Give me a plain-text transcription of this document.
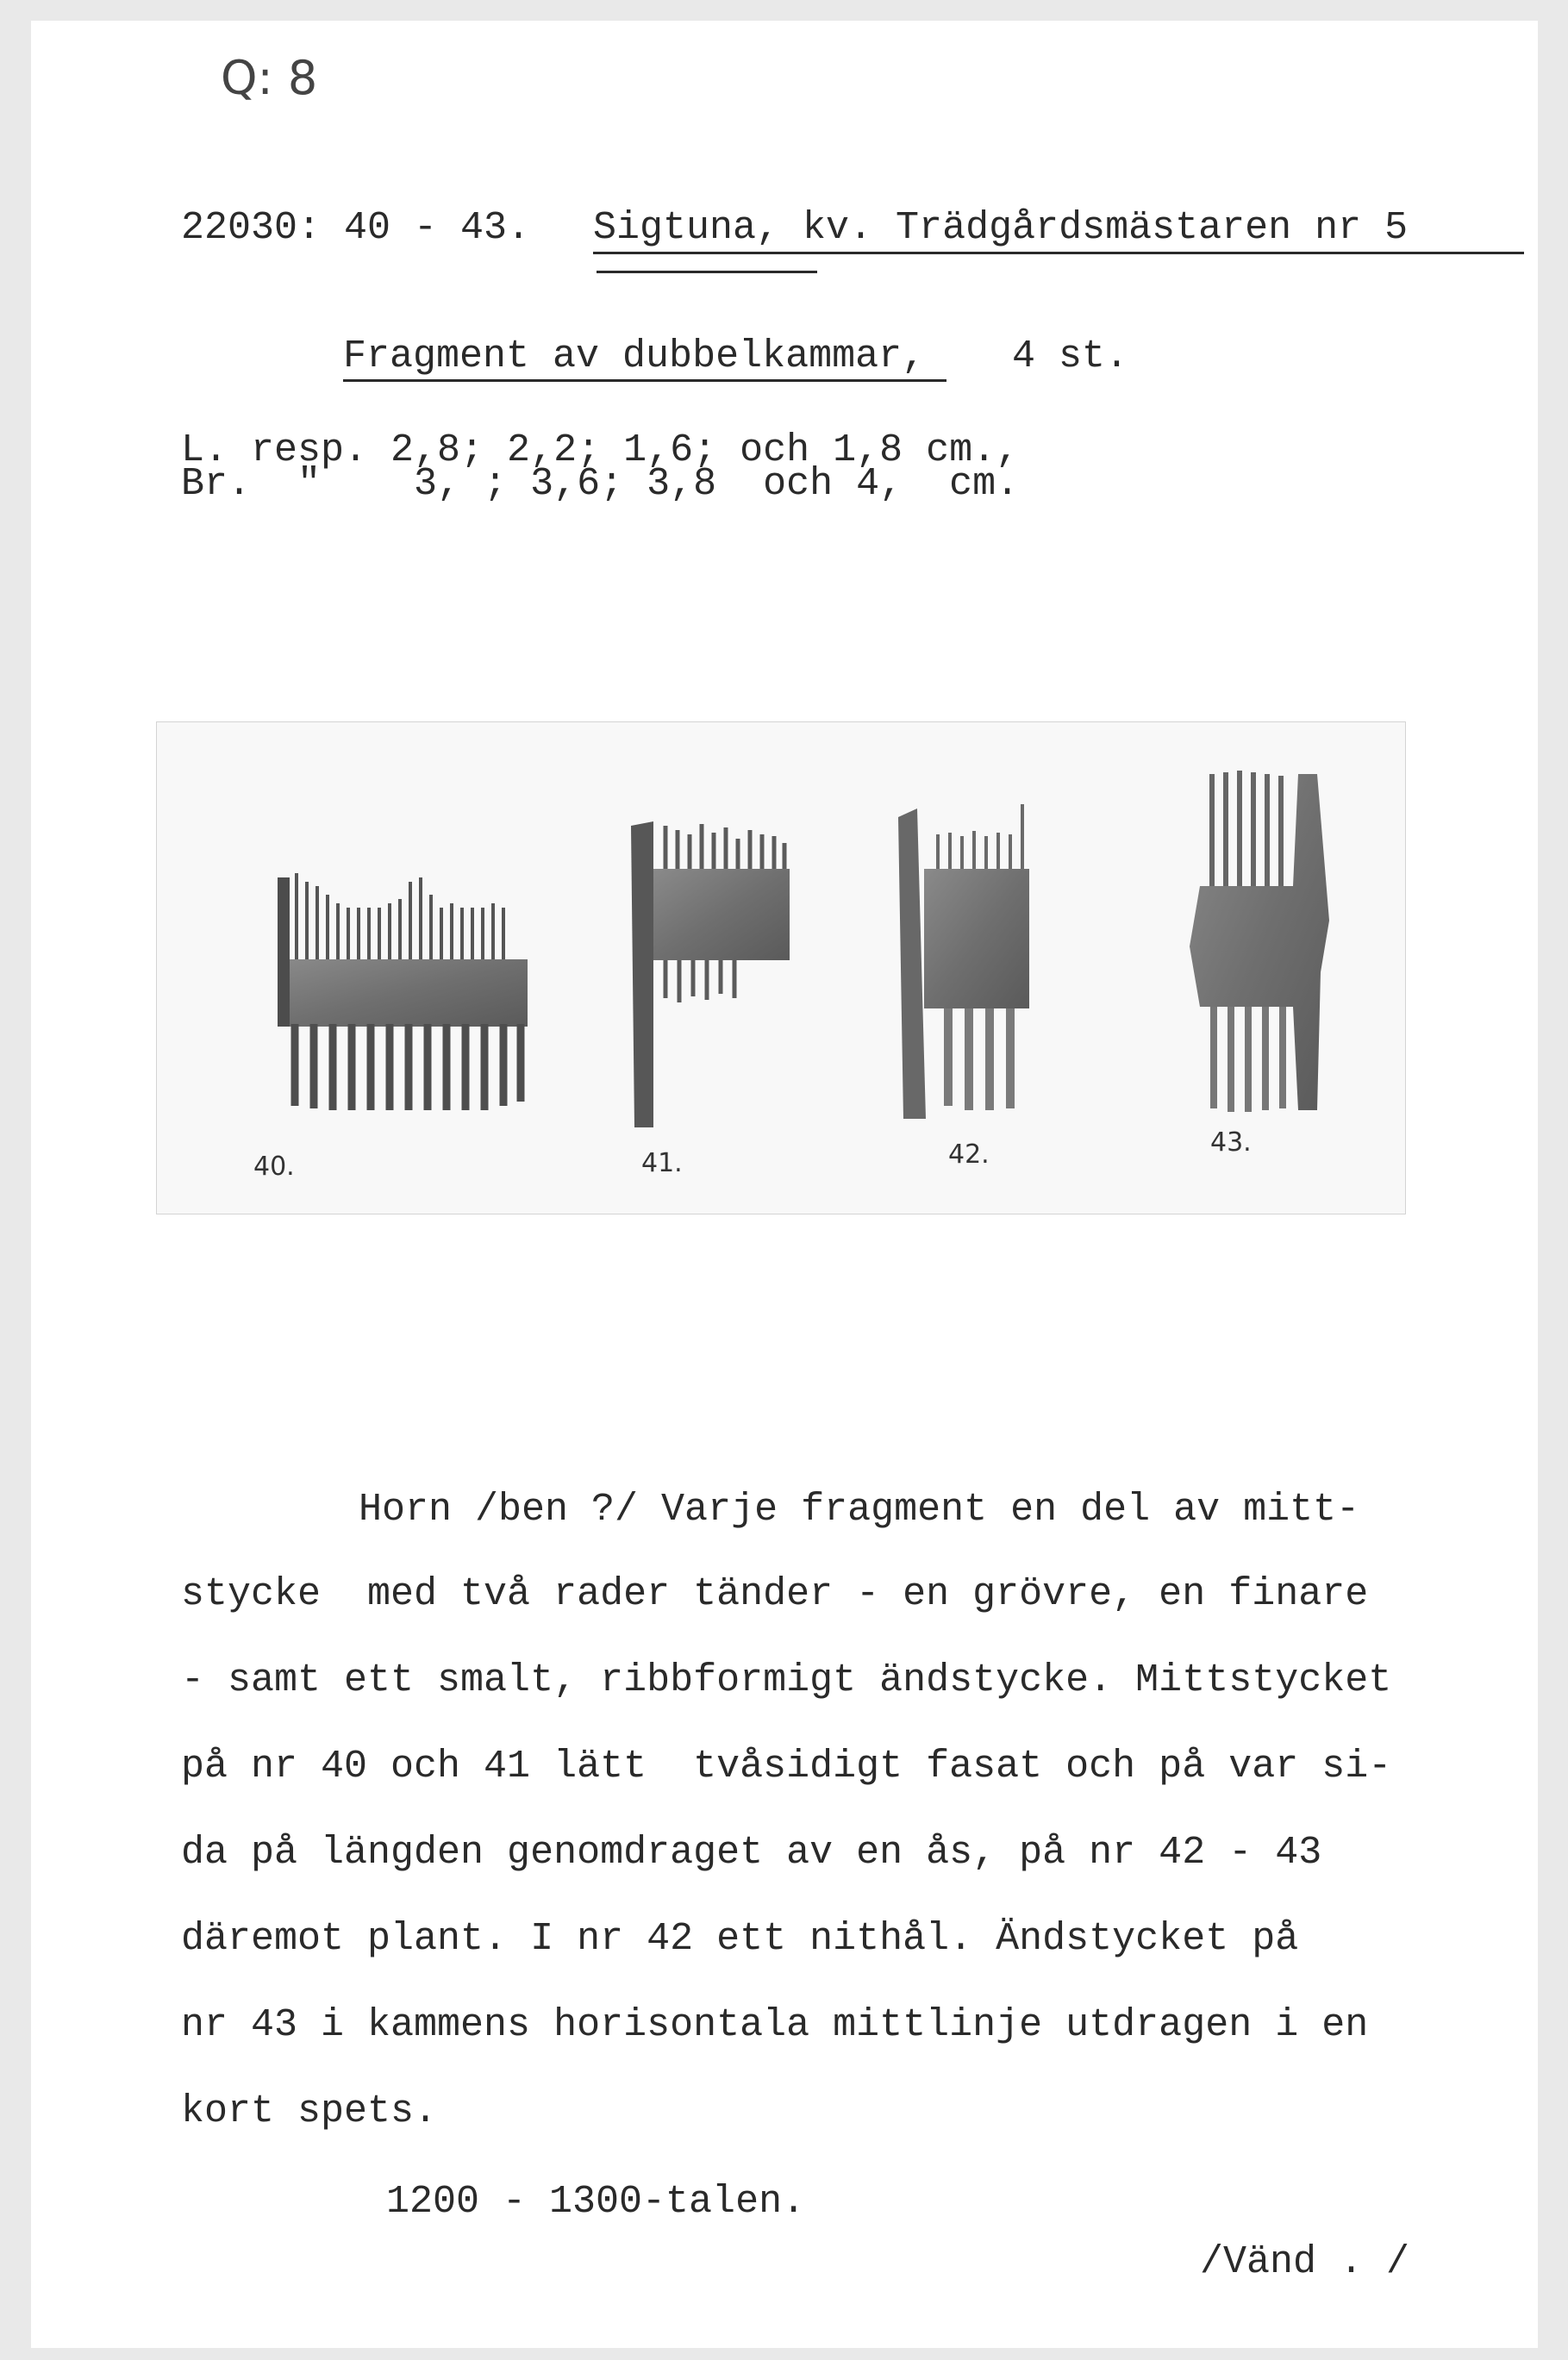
Q: 8
22030: 40 - 43. Sigtuna, kv. Trädgårdsmästaren nr 5
Fragment av dubbelkammar, 4 st.
L. resp. 2,8; 2,2; 1,6; och 1,8 cm.,
Br.  "    3, ; 3,6; 3,8  och 4,  cm.
40.	41.	42.	43.
Horn /ben ?/ Varje fragment en del av mitt-
stycke  med två rader tänder - en grövre, en finare
- samt ett smalt, ribbformigt ändstycke. Mittstycket
på nr 40 och 41 lätt  tvåsidigt fasat och på var si-
da på längden genomdraget av en ås, på nr 42 - 43
däremot plant. I nr 42 ett nithål. Ändstycket på
nr 43 i kammens horisontala mittlinje utdragen i en
kort spets.
1200 - 1300-talen.
/Vänd . /
